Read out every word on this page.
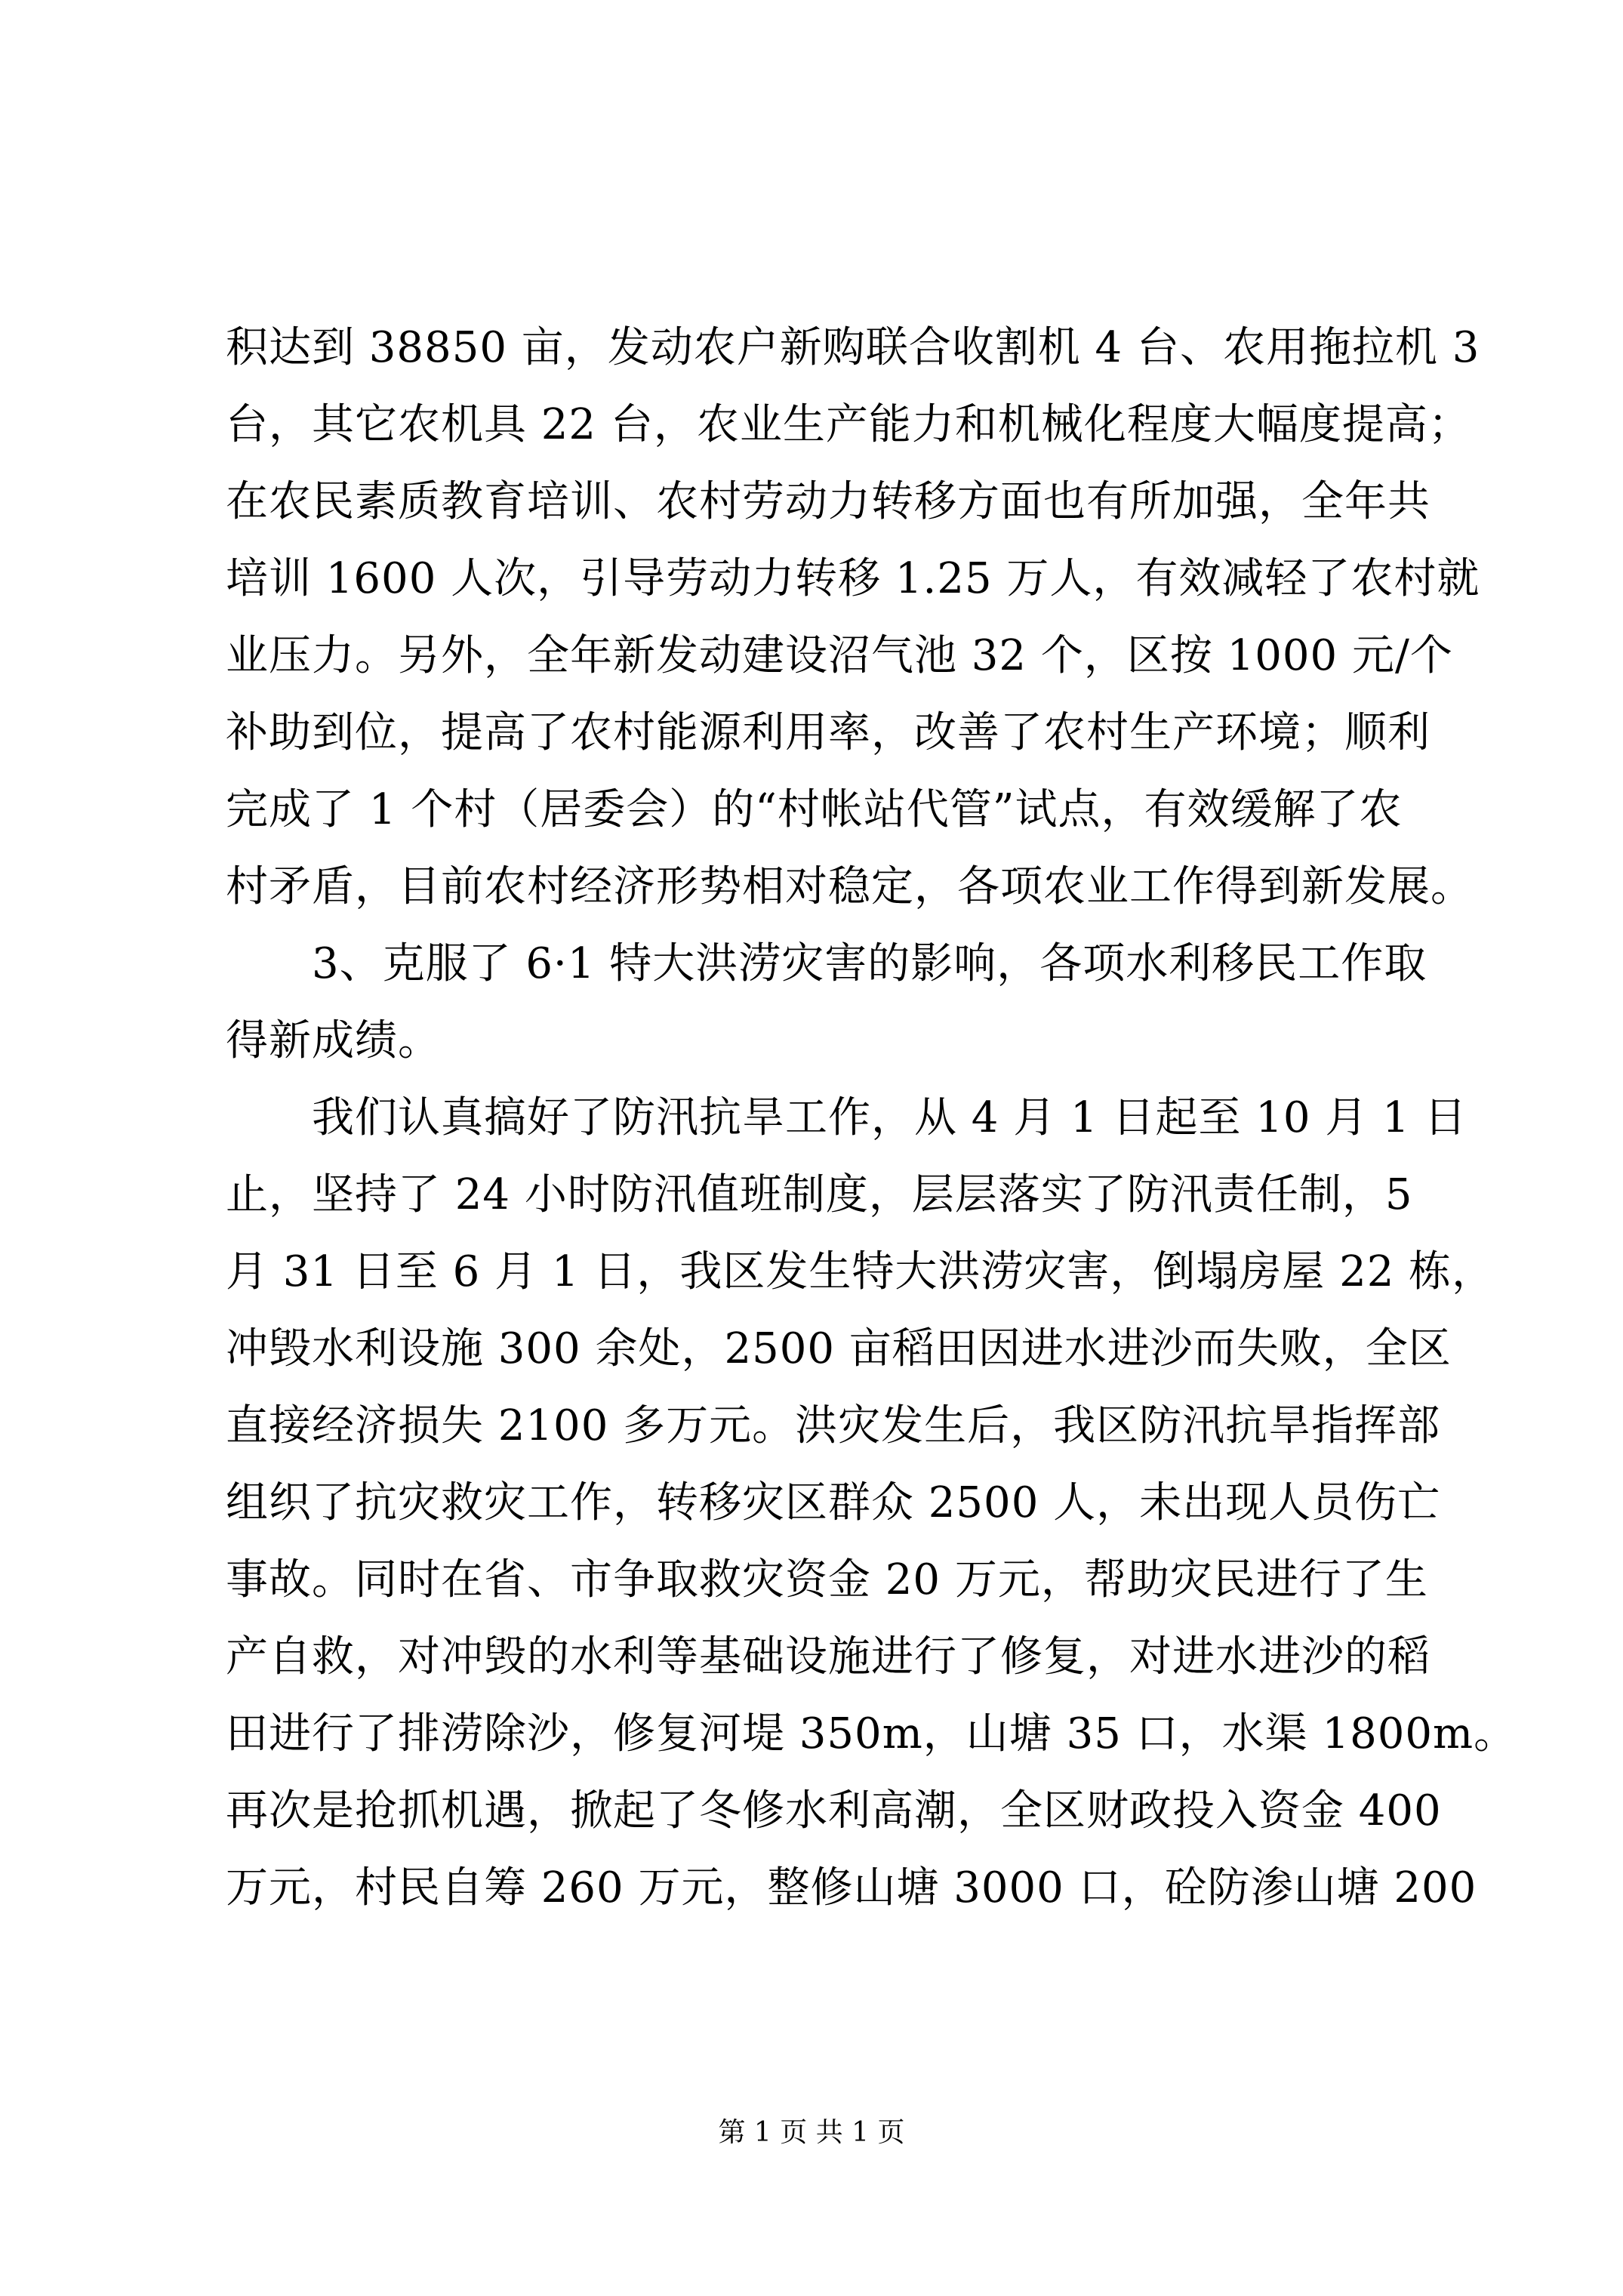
积达到 38850 亩，发动农户新购联合收割机 4 台、农用拖拉机 3
台，其它农机具 22 台，农业生产能力和机械化程度大幅度提高；
在农民素质教育培训、农村劳动力转移方面也有所加强，全年共
培训 1600 人次，引导劳动力转移 1.25 万人，有效减轻了农村就
业压力。另外，全年新发动建设沼气池 32 个，区按 1000 元/个
补助到位，提高了农村能源利用率，改善了农村生产环境；顺利
完成了 1 个村（居委会）的“村帐站代管”试点，有效缓解了农
村矛盾，目前农村经济形势相对稳定，各项农业工作得到新发展。
　　3、克服了 6·1 特大洪涝灾害的影响，各项水利移民工作取
得新成绩。
　　我们认真搞好了防汛抗旱工作，从 4 月 1 日起至 10 月 1 日
止，坚持了 24 小时防汛值班制度，层层落实了防汛责任制，5
月 31 日至 6 月 1 日，我区发生特大洪涝灾害，倒塌房屋 22 栋，
冲毁水利设施 300 余处，2500 亩稻田因进水进沙而失败，全区
直接经济损失 2100 多万元。洪灾发生后，我区防汛抗旱指挥部
组织了抗灾救灾工作，转移灾区群众 2500 人，未出现人员伤亡
事故。同时在省、市争取救灾资金 20 万元，帮助灾民进行了生
产自救，对冲毁的水利等基础设施进行了修复，对进水进沙的稻
田进行了排涝除沙，修复河堤 350m，山塘 35 口，水渠 1800m。
再次是抢抓机遇，掀起了冬修水利高潮，全区财政投入资金 400
万元，村民自筹 260 万元，整修山塘 3000 口，砼防渗山塘 200
第 1 页 共 1 页
